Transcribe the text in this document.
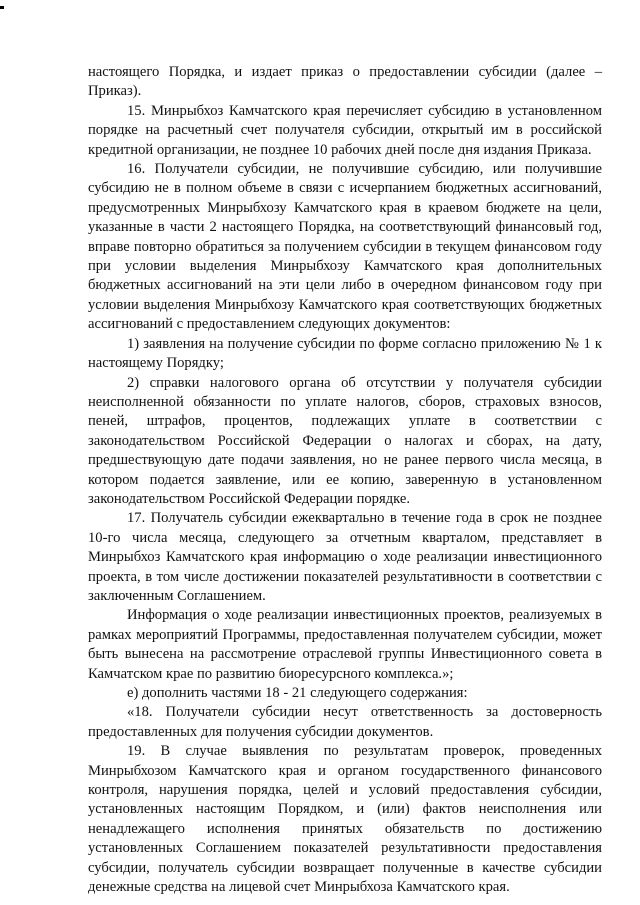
настоящего Порядка, и издает приказ о предоставлении субсидии (далее – Приказ).

15. Минрыбхоз Камчатского края перечисляет субсидию в установленном порядке на расчетный счет получателя субсидии, открытый им в российской кредитной организации, не позднее 10 рабочих дней после дня издания Приказа.

16. Получатели субсидии, не получившие субсидию, или получившие субсидию не в полном объеме в связи с исчерпанием бюджетных ассигнований, предусмотренных Минрыбхозу Камчатского края в краевом бюджете на цели, указанные в части 2 настоящего Порядка, на соответствующий финансовый год, вправе повторно обратиться за получением субсидии в текущем финансовом году при условии выделения Минрыбхозу Камчатского края дополнительных бюджетных ассигнований на эти цели либо в очередном финансовом году при условии выделения Минрыбхозу Камчатского края соответствующих бюджетных ассигнований с предоставлением следующих документов:

1) заявления на получение субсидии по форме согласно приложению № 1 к настоящему Порядку;

2) справки налогового органа об отсутствии у получателя субсидии неисполненной обязанности по уплате налогов, сборов, страховых взносов, пеней, штрафов, процентов, подлежащих уплате в соответствии с законодательством Российской Федерации о налогах и сборах, на дату, предшествующую дате подачи заявления, но не ранее первого числа месяца, в котором подается заявление, или ее копию, заверенную в установленном законодательством Российской Федерации порядке.

17. Получатель субсидии ежеквартально в течение года в срок не позднее 10-го числа месяца, следующего за отчетным кварталом, представляет в Минрыбхоз Камчатского края информацию о ходе реализации инвестиционного проекта, в том числе достижении показателей результативности в соответствии с заключенным Соглашением.

Информация о ходе реализации инвестиционных проектов, реализуемых в рамках мероприятий Программы, предоставленная получателем субсидии, может быть вынесена на рассмотрение отраслевой группы Инвестиционного совета в Камчатском крае по развитию биоресурсного комплекса.»;

е) дополнить частями 18 - 21 следующего содержания:

«18. Получатели субсидии несут ответственность за достоверность предоставленных для получения субсидии документов.

19. В случае выявления по результатам проверок, проведенных Минрыбхозом Камчатского края и органом государственного финансового контроля, нарушения порядка, целей и условий предоставления субсидии, установленных настоящим Порядком, и (или) фактов неисполнения или ненадлежащего исполнения принятых обязательств по достижению установленных Соглашением показателей результативности предоставления субсидии, получатель субсидии возвращает полученные в качестве субсидии денежные средства на лицевой счет Минрыбхоза Камчатского края.
